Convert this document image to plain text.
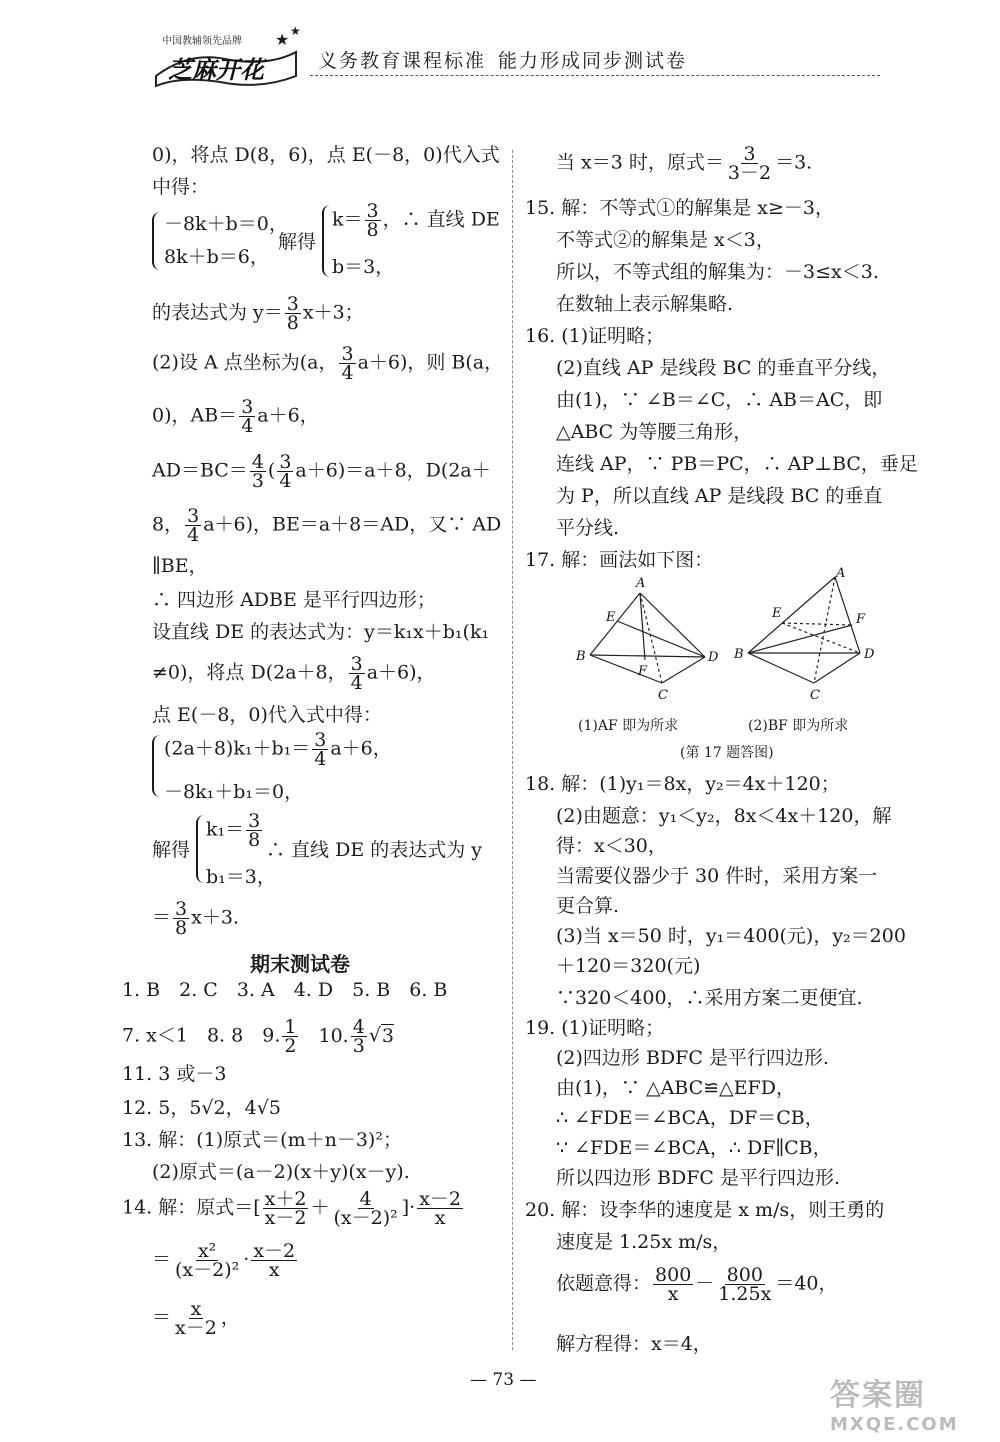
中国教辅领先品牌
芝麻开花
★ ★
义务教育课程标准 能力形成同步测试卷
0)，将点 D(8，6)，点 E(－8，0)代入式
中得：
－8k＋b＝0，
8k＋b＝6，
解得
$k= \frac{3}{8}$ ，∴ 直线 DE
b＝3，
的表达式为 $y= \frac{3}{8} x+3$；
(2)设 A 点坐标为(a， $\frac{3}{4} a+6$)，则 B(a，
0)，$AB= \frac{3}{4} a+6$，
$AD=BC= \frac{4}{3}$ ( $\frac{3}{4} a+6)=a+8$，D(2a＋
8， $\frac{3}{4} a+6$)，BE＝a＋8＝AD，又∵ AD
∥BE，
∴ 四边形 ADBE 是平行四边形；
设直线 DE 的表达式为：y＝k₁x＋b₁(k₁
≠0)，将点 D(2a＋8， $\frac{3}{4} a+6$)，
点 E(－8，0)代入式中得：
$(2a+8)k_1+b_1= \frac{3}{4} a+6$，
－8k₁＋b₁＝0，
解得
$k_1= \frac{3}{8}$
∴ 直线 DE 的表达式为 y
b₁＝3，
＝ $\frac{3}{8} x+3$.
期末测试卷
1. B　2. C　3. A　4. D　5. B　6. B
7. x＜1　8. 8　9. $\frac{1}{2} 10$. $\frac{4}{3} √3$
11. 3 或－3
12. 5，5√2，4√5
13. 解：(1)原式＝(m＋n－3)²；
(2)原式＝(a－2)(x＋y)(x－y).
14. 解：原式＝[ $\frac{x+2}{x-2} + \frac{4}{\text{(x－2)²}}$ ]· $\frac{x-2}{x}$
＝ $\frac{\text{x²}}{\text{(x－2)²}} \cdot \frac{x-2}{x}$
＝ $\frac{x}{x-2}$ ，
当 x＝3 时，原式＝ $\frac{3}{3-2} =3$.
15. 解：不等式①的解集是 x≥－3，
不等式②的解集是 x＜3，
所以，不等式组的解集为：－3≤x＜3.
在数轴上表示解集略.
16. (1)证明略；
(2)直线 AP 是线段 BC 的垂直平分线，
由(1)，∵ ∠B＝∠C，∴ AB＝AC，即
△ABC 为等腰三角形，
连线 AP，∵ PB＝PC，∴ AP⊥BC，垂足
为 P，所以直线 AP 是线段 BC 的垂直
平分线.
17. 解：画法如下图：
A
E
B
F
D
C
A
E	F
B	D
C
(1)AF 即为所求	(2)BF 即为所求
(第 17 题答图)
18. 解：(1)y₁＝8x，y₂＝4x＋120；
(2)由题意：y₁＜y₂，8x＜4x＋120，解
得：x＜30，
当需要仪器少于 30 件时，采用方案一
更合算.
(3)当 x＝50 时，y₁＝400(元)，y₂＝200
＋120＝320(元)
∵320＜400，∴采用方案二更便宜.
19. (1)证明略；
(2)四边形 BDFC 是平行四边形.
由(1)，∵ △ABC≌△EFD，
∴ ∠FDE＝∠BCA，DF＝CB，
∵ ∠FDE＝∠BCA，∴ DF∥CB，
所以四边形 BDFC 是平行四边形.
20. 解：设李华的速度是 x m/s，则王勇的
速度是 1.25x m/s，
依题意得： $\frac{800}{x} - \frac{800}{1.25x} =40$，
解方程得：x＝4，
— 73 —	答案圈
MXQE.COM
